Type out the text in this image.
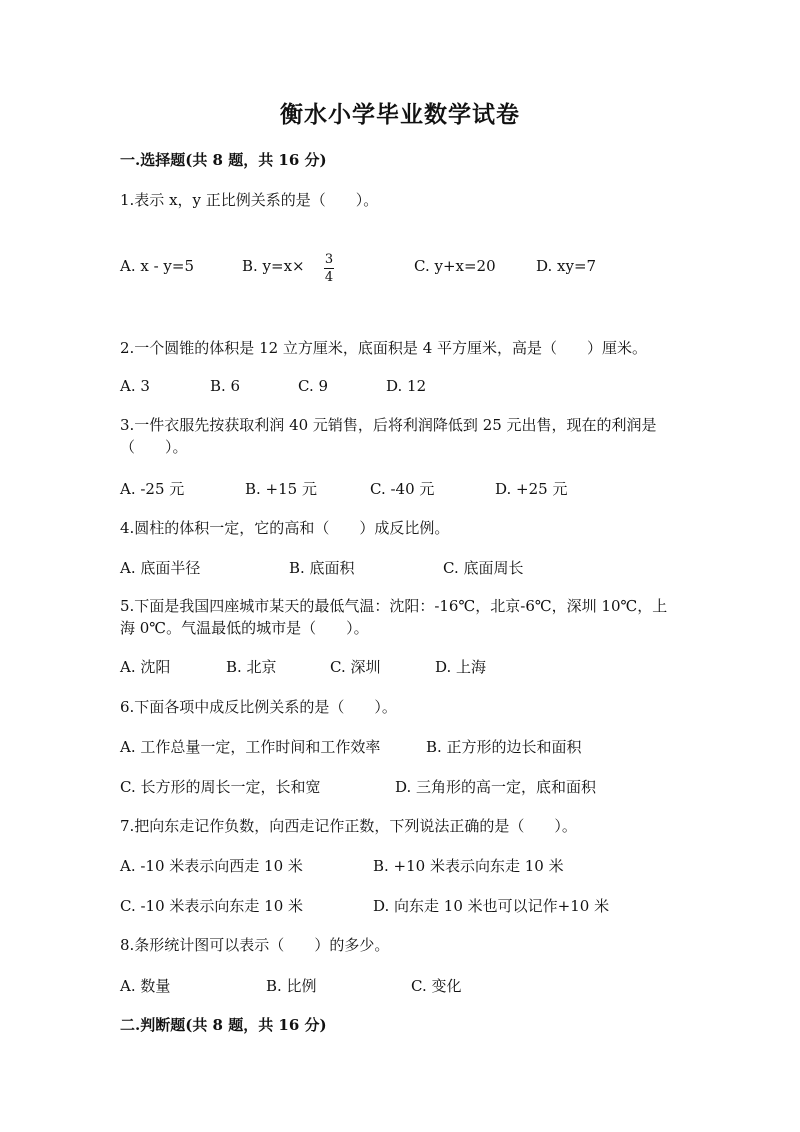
衡水小学毕业数学试卷
一.选择题(共 8 题，共 16 分)
1.表示 x，y 正比例关系的是（　　）。
A. x - y=5	B. y=x× 3
4
C. y+x=20	D. xy=7
2.一个圆锥的体积是 12 立方厘米，底面积是 4 平方厘米，高是（　　）厘米。
A. 3	B. 6	C. 9	D. 12
3.一件衣服先按获取利润 40 元销售，后将利润降低到 25 元出售，现在的利润是（　　）。
A. -25 元	B. +15 元	C. -40 元	D. +25 元
4.圆柱的体积一定，它的高和（　　）成反比例。
A. 底面半径	B. 底面积	C. 底面周长
5.下面是我国四座城市某天的最低气温：沈阳：-16℃，北京-6℃，深圳 10℃，上海 0℃。气温最低的城市是（　　）。
A. 沈阳	B. 北京	C. 深圳	D. 上海
6.下面各项中成反比例关系的是（　　）。
A. 工作总量一定，工作时间和工作效率	B. 正方形的边长和面积
C. 长方形的周长一定，长和宽	D. 三角形的高一定，底和面积
7.把向东走记作负数，向西走记作正数，下列说法正确的是（　　）。
A. -10 米表示向西走 10 米	B. +10 米表示向东走 10 米
C. -10 米表示向东走 10 米	D. 向东走 10 米也可以记作+10 米
8.条形统计图可以表示（　　）的多少。
A. 数量	B. 比例	C. 变化
二.判断题(共 8 题，共 16 分)
